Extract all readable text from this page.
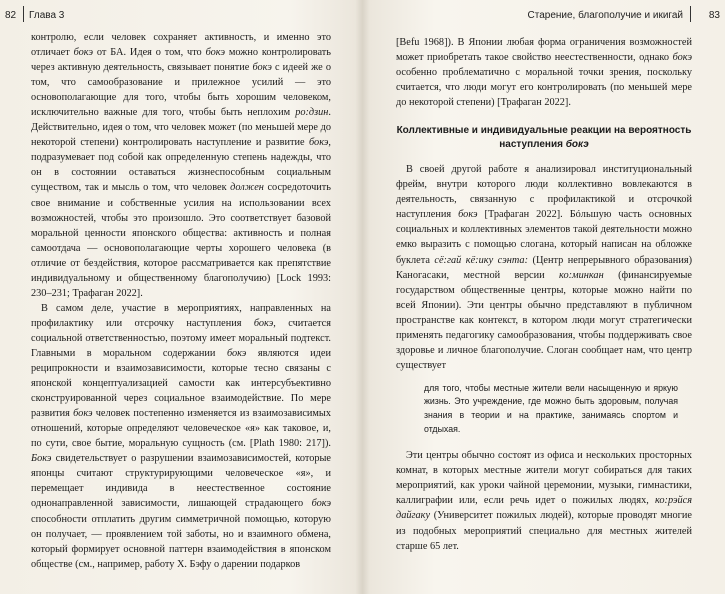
82 Глава 3

контролю, если человек сохраняет активность, и именно это отличает бокэ от БА. Идея о том, что бокэ можно контролировать через активную деятельность, связывает понятие бокэ с идеей же о том, что самообразование и прилежное усилий — это основополагающие для того, чтобы быть хорошим человеком, исключительно важные для того, чтобы быть неплохим ро:дзин. Действительно, идея о том, что человек может (по меньшей мере до некоторой степени) контролировать наступление и развитие бокэ, подразумевает под собой как определенную степень надежды, что он в состоянии оставаться жизнеспособным социальным существом, так и мысль о том, что человек должен сосредоточить свое внимание и собственные усилия на использовании всех возможностей, чтобы это произошло. Это соответствует базовой моральной ценности японского общества: активность и полная самоотдача — основополагающие черты хорошего человека (в отличие от бездействия, которое рассматривается как препятствие индивидуальному и общественному благополучию) [Lock 1993: 230–231; Трафаган 2022].

В самом деле, участие в мероприятиях, направленных на профилактику или отсрочку наступления бокэ, считается социальной ответственностью, поэтому имеет моральный подтекст. Главными в моральном содержании бокэ являются идеи реципрокности и взаимозависимости, которые тесно связаны с японской концептуализацией самости как интерсубъективно сконструированной через социальное взаимодействие. По мере развития бокэ человек постепенно изменяется из взаимозависимых отношений, которые определяют человеческое «я» как таковое, и, по сути, свое бытие, моральную сущность (см. [Plath 1980: 217]). Бокэ свидетельствует о разрушении взаимозависимостей, которые японцы считают структурирующими человеческое «я», и перемещает индивида в неестественное состояние однонаправленной зависимости, лишающей страдающего бокэ способности отплатить другим симметричной помощью, которую он получает, — проявлением той заботы, но и взаимного обмена, который формирует основной паттерн взаимодействия в японском обществе (см., например, работу Х. Бэфу о дарении подарков

Старение, благополучие и икигай	83

[Befu 1968]). В Японии любая форма ограничения возможностей может приобретать такое свойство неестественности, однако бокэ особенно проблематично с моральной точки зрения, поскольку считается, что люди могут его контролировать (по меньшей мере до некоторой степени) [Трафаган 2022].

Коллективные и индивидуальные реакции на вероятность наступления бокэ

В своей другой работе я анализировал институциональный фрейм, внутри которого люди коллективно вовлекаются в деятельность, связанную с профилактикой и отсрочкой наступления бокэ [Трафаган 2022]. Бóльшую часть основных социальных и коллективных элементов такой деятельности можно емко выразить с помощью слогана, который написан на обложке буклета сё:гай кё:ику сэнта: (Центр непрерывного образования) Каногасаки, местной версии ко:минкан (финансируемые государством общественные центры, которые можно найти по всей Японии). Эти центры обычно представляют в публичном пространстве как контекст, в котором люди могут стратегически применять педагогику самообразования, чтобы поддерживать свое здоровье и личное благополучие. Слоган сообщает нам, что центр существует

для того, чтобы местные жители вели насыщенную и яркую жизнь. Это учреждение, где можно быть здоровым, получая знания в теории и на практике, занимаясь спортом и отдыхая.

Эти центры обычно состоят из офиса и нескольких просторных комнат, в которых местные жители могут собираться для таких мероприятий, как уроки чайной церемонии, музыки, гимнастики, каллиграфии или, если речь идет о пожилых людях, ко:рэйся дайгаку (Университет пожилых людей), которые проводят многие из подобных мероприятий специально для местных жителей старше 65 лет.
